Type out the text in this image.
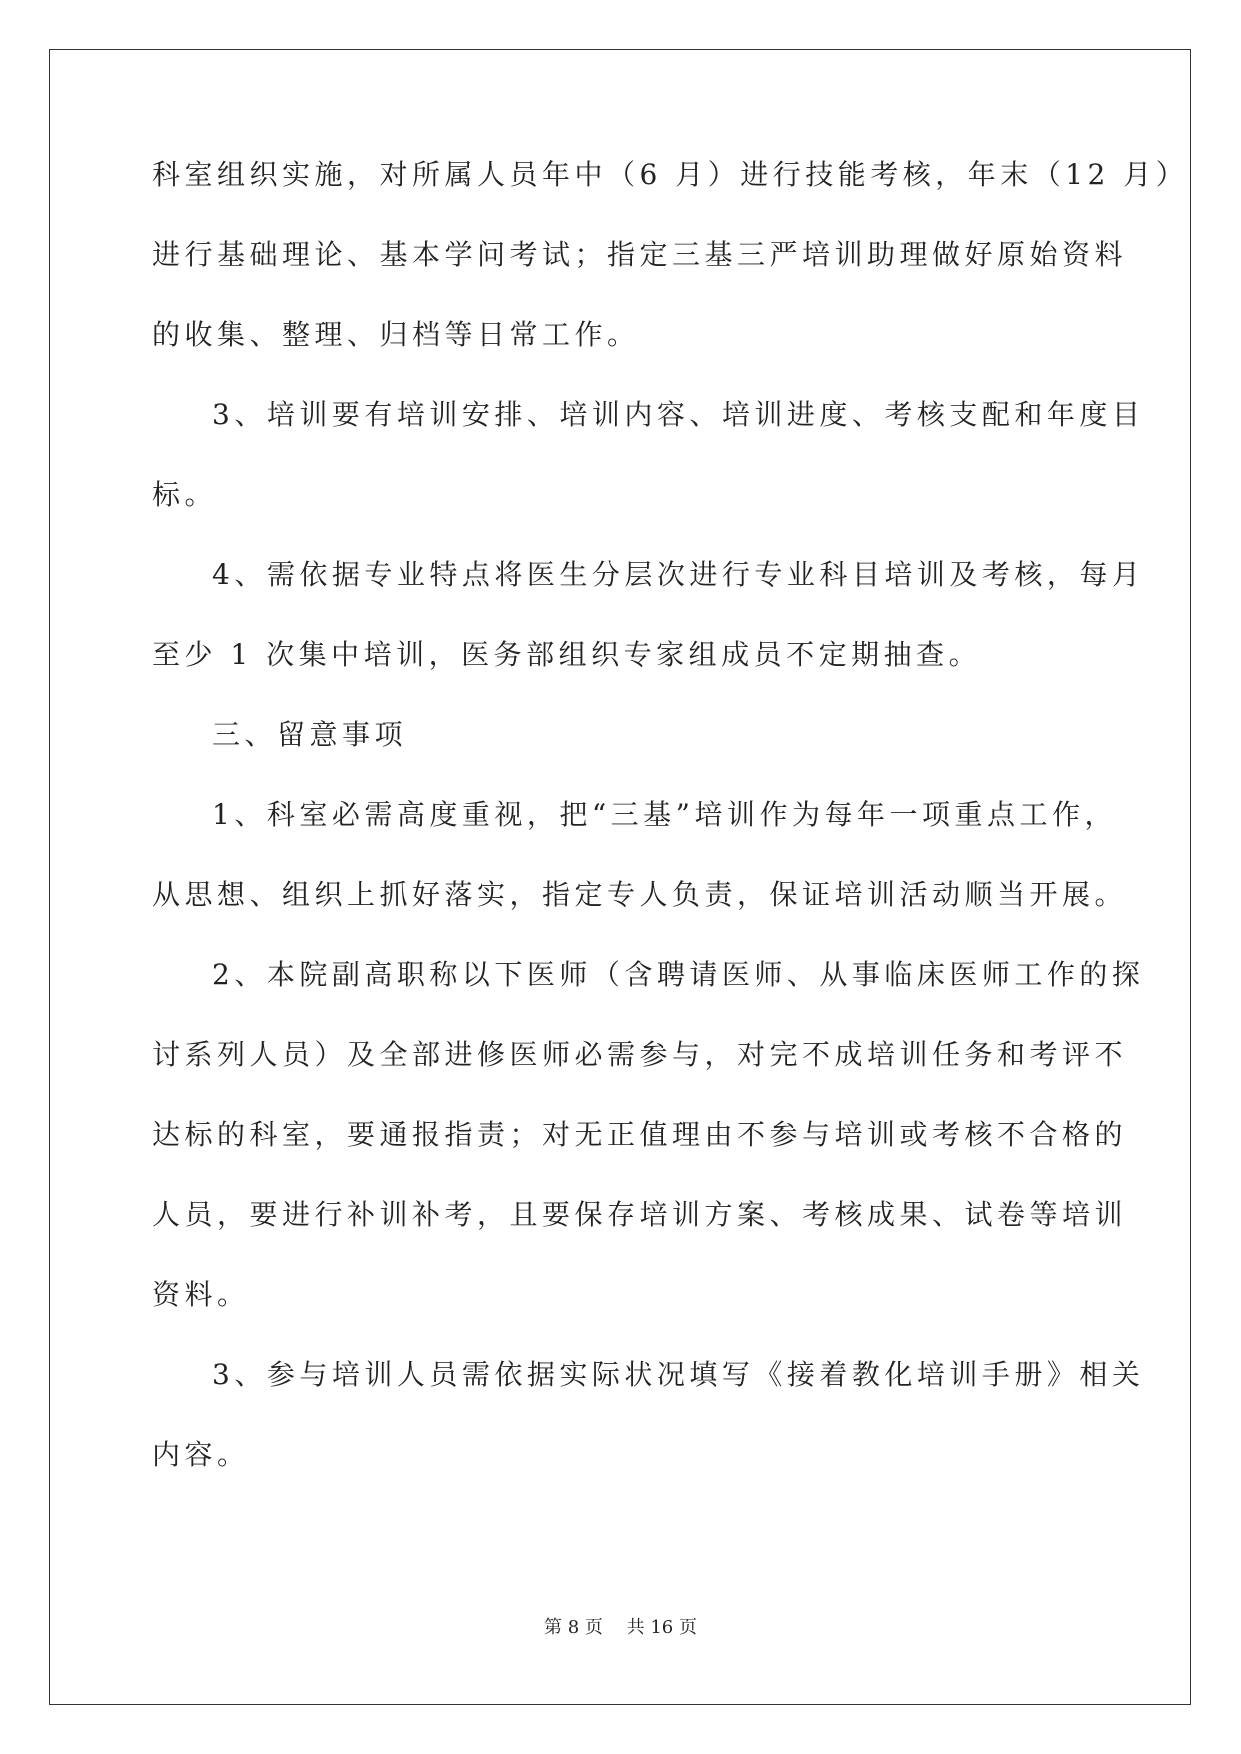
科室组织实施，对所属人员年中（6 月）进行技能考核，年末（12 月）
进行基础理论、基本学问考试；指定三基三严培训助理做好原始资料
的收集、整理、归档等日常工作。
3、培训要有培训安排、培训内容、培训进度、考核支配和年度目
标。
4、需依据专业特点将医生分层次进行专业科目培训及考核，每月
至少 1 次集中培训，医务部组织专家组成员不定期抽查。
三、留意事项
1、科室必需高度重视，把“三基”培训作为每年一项重点工作，
从思想、组织上抓好落实，指定专人负责，保证培训活动顺当开展。
2、本院副高职称以下医师（含聘请医师、从事临床医师工作的探
讨系列人员）及全部进修医师必需参与，对完不成培训任务和考评不
达标的科室，要通报指责；对无正值理由不参与培训或考核不合格的
人员，要进行补训补考，且要保存培训方案、考核成果、试卷等培训
资料。
3、参与培训人员需依据实际状况填写《接着教化培训手册》相关
内容。
第 8 页　 共 16 页
